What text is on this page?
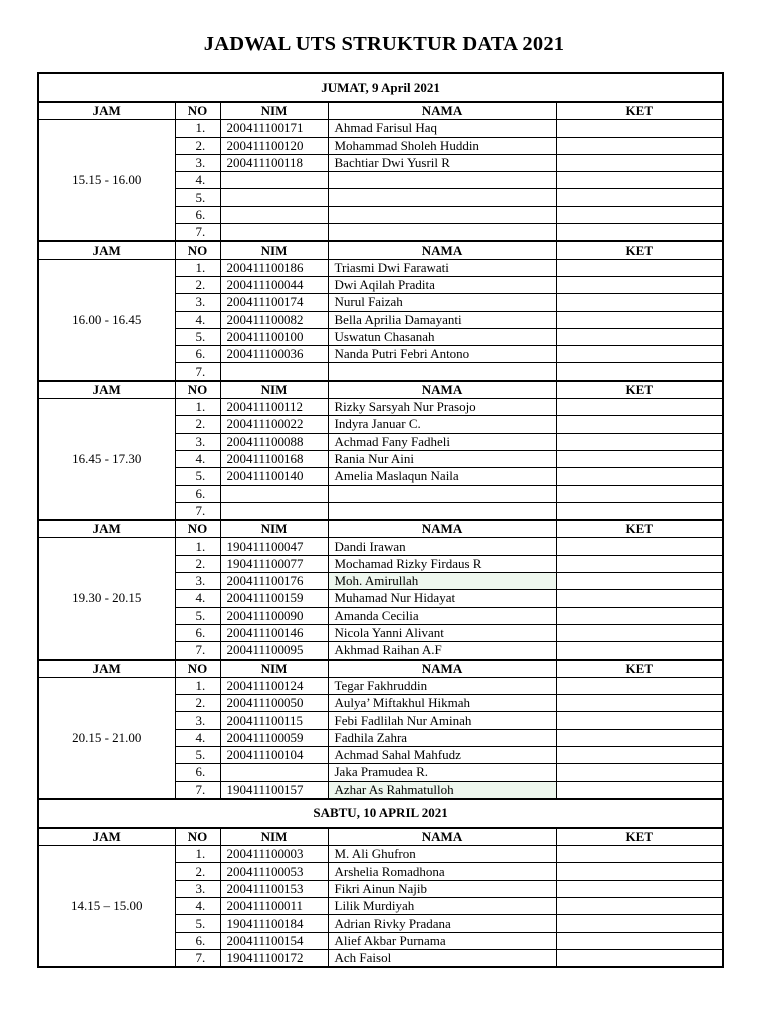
JADWAL UTS STRUKTUR DATA 2021
JUMAT, 9 April 2021				
JAM	NO	NIM	NAMA	KET
15.15 - 16.00	1.	200411100171	Ahmad Farisul Haq	
	2.	200411100120	Mohammad Sholeh Huddin	
	3.	200411100118	Bachtiar Dwi Yusril R	
	4.			
	5.			
	6.			
	7.			
JAM	NO	NIM	NAMA	KET
16.00 - 16.45	1.	200411100186	Triasmi Dwi Farawati	
	2.	200411100044	Dwi Aqilah Pradita	
	3.	200411100174	Nurul Faizah	
	4.	200411100082	Bella Aprilia Damayanti	
	5.	200411100100	Uswatun Chasanah	
	6.	200411100036	Nanda Putri Febri Antono	
	7.			
JAM	NO	NIM	NAMA	KET
16.45 - 17.30	1.	200411100112	Rizky Sarsyah Nur Prasojo	
	2.	200411100022	Indyra Januar C.	
	3.	200411100088	Achmad Fany Fadheli	
	4.	200411100168	Rania Nur Aini	
	5.	200411100140	Amelia Maslaqun Naila	
	6.			
	7.			
JAM	NO	NIM	NAMA	KET
19.30 - 20.15	1.	190411100047	Dandi Irawan	
	2.	190411100077	Mochamad Rizky Firdaus R	
	3.	200411100176	Moh. Amirullah	
	4.	200411100159	Muhamad Nur Hidayat	
	5.	200411100090	Amanda Cecilia	
	6.	200411100146	Nicola Yanni Alivant	
	7.	200411100095	Akhmad Raihan A.F	
JAM	NO	NIM	NAMA	KET
20.15 - 21.00	1.	200411100124	Tegar Fakhruddin	
	2.	200411100050	Aulya’ Miftakhul Hikmah	
	3.	200411100115	Febi Fadlilah Nur Aminah	
	4.	200411100059	Fadhila Zahra	
	5.	200411100104	Achmad Sahal Mahfudz	
	6.		Jaka Pramudea R.	
	7.	190411100157	Azhar As Rahmatulloh	
SABTU, 10 APRIL 2021				
JAM	NO	NIM	NAMA	KET
14.15 – 15.00	1.	200411100003	M. Ali Ghufron	
	2.	200411100053	Arshelia Romadhona	
	3.	200411100153	Fikri Ainun Najib	
	4.	200411100011	Lilik Murdiyah	
	5.	190411100184	Adrian Rivky Pradana	
	6.	200411100154	Alief Akbar Purnama	
	7.	190411100172	Ach Faisol	
